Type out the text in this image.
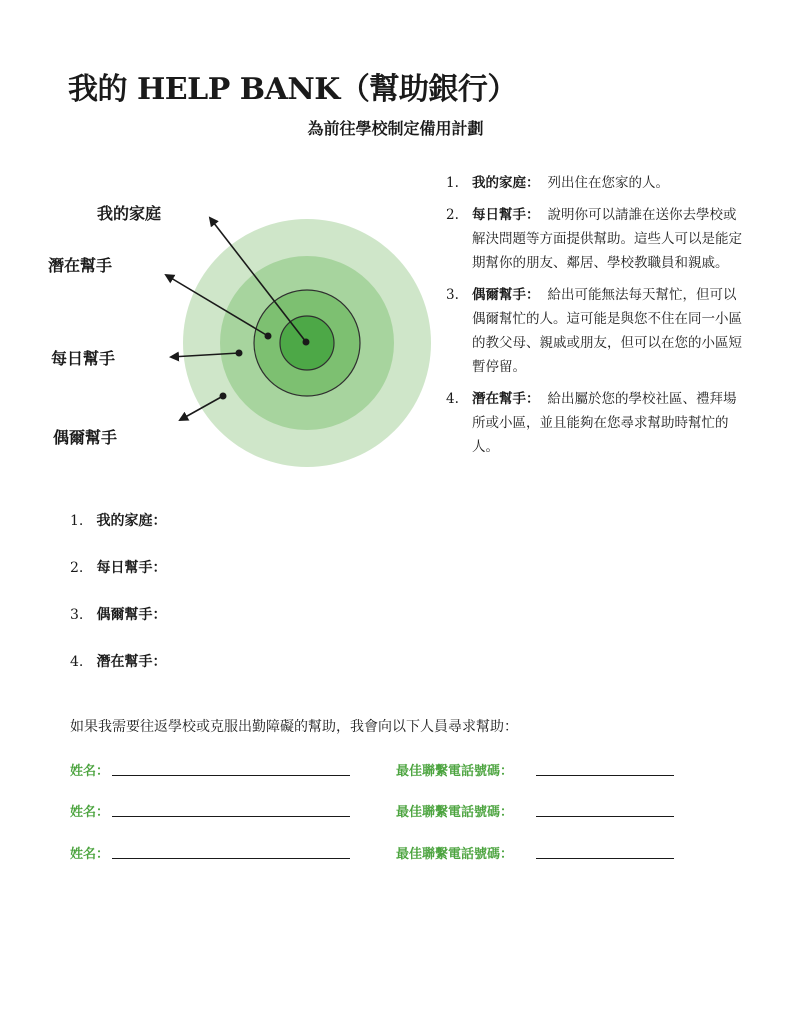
我的 HELP BANK（幫助銀行）
為前往學校制定備用計劃
我的家庭
潛在幫手
每日幫手
偶爾幫手
1. 我的家庭： 列出住在您家的人。
2. 每日幫手： 說明你可以請誰在送你去學校或解決問題等方面提供幫助。這些人可以是能定期幫你的朋友、鄰居、學校教職員和親戚。
3. 偶爾幫手： 給出可能無法每天幫忙，但可以偶爾幫忙的人。這可能是與您不住在同一小區的教父母、親戚或朋友，但可以在您的小區短暫停留。
4. 潛在幫手： 給出屬於您的學校社區、禮拜場所或小區，並且能夠在您尋求幫助時幫忙的人。
1. 我的家庭：
2. 每日幫手：
3. 偶爾幫手：
4. 潛在幫手：
如果我需要往返學校或克服出勤障礙的幫助，我會向以下人員尋求幫助：
姓名：	最佳聯繫電話號碼：
姓名：	最佳聯繫電話號碼：
姓名：	最佳聯繫電話號碼：
